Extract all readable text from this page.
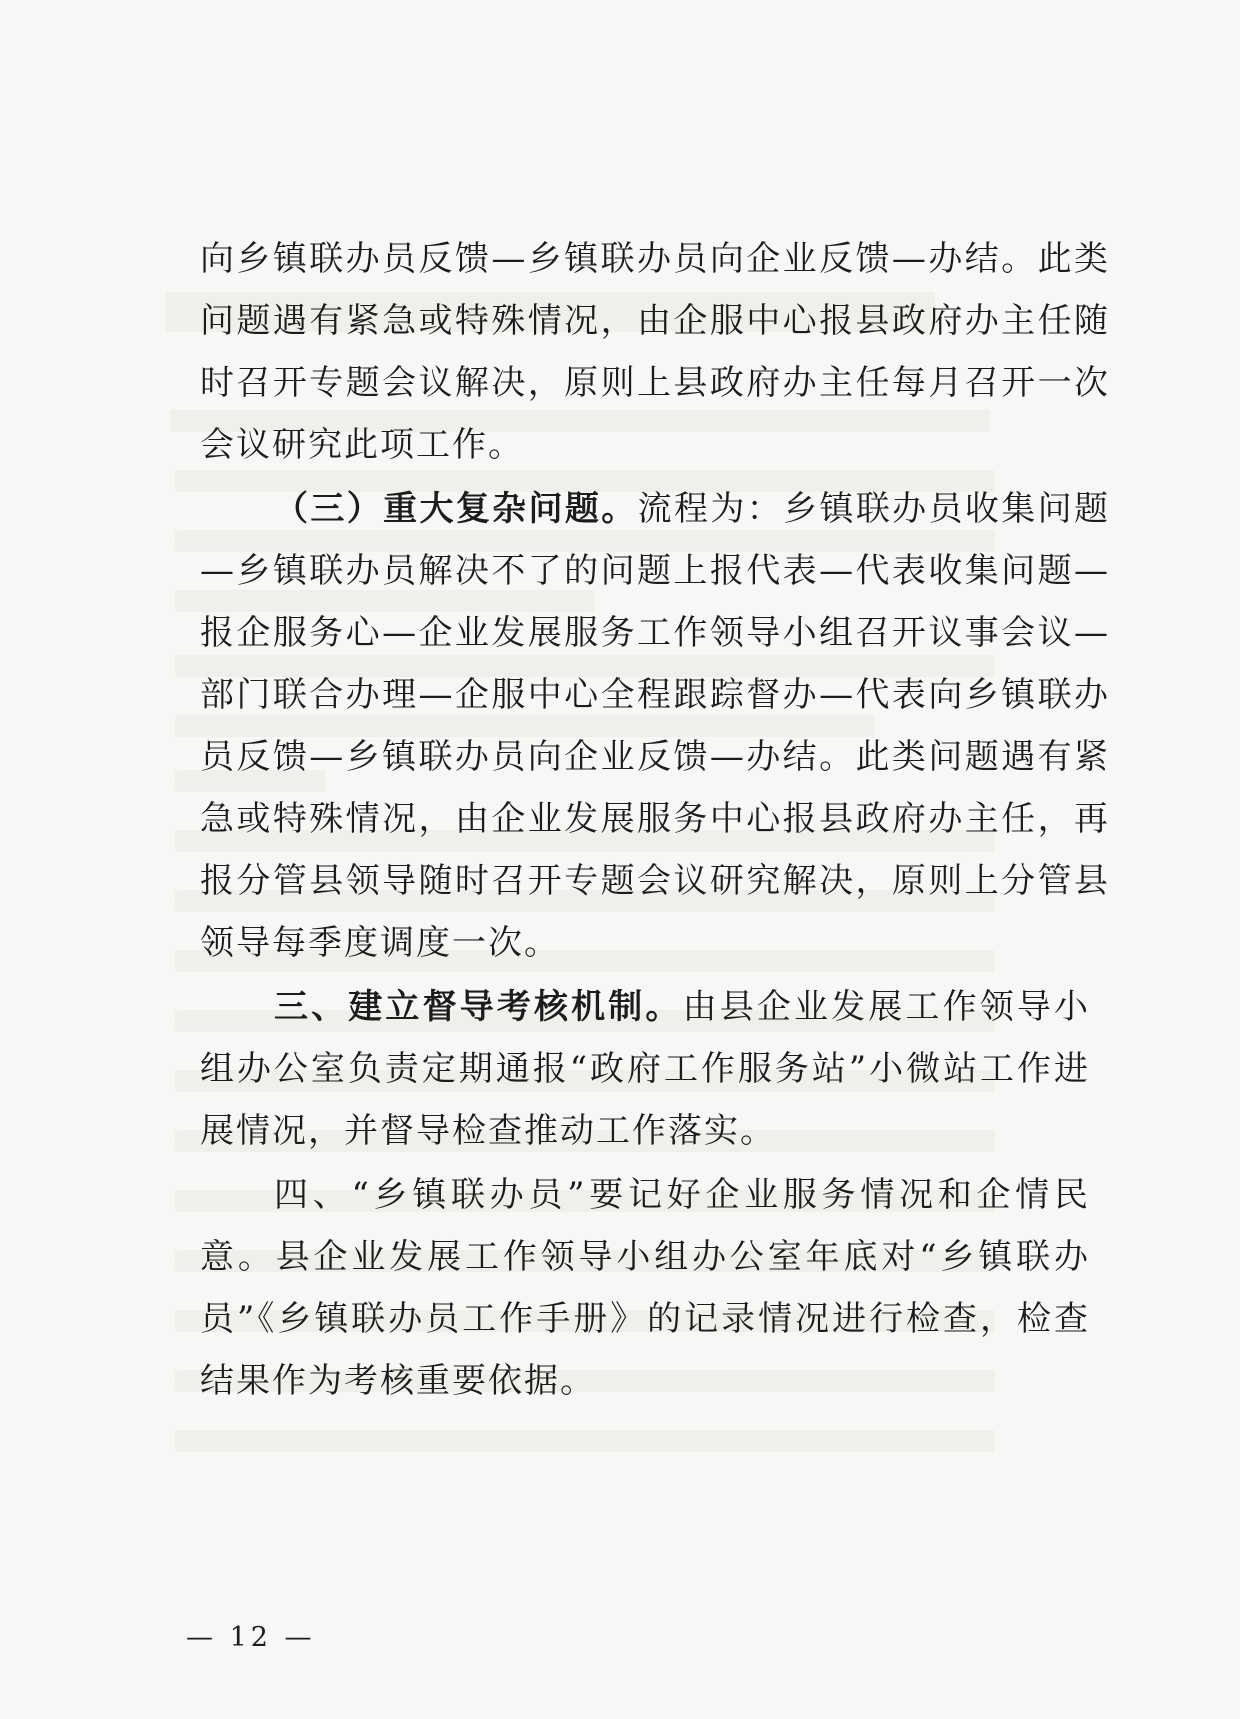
向乡镇联办员反馈—乡镇联办员向企业反馈—办结。此类问题遇有紧急或特殊情况，由企服中心报县政府办主任随时召开专题会议解决，原则上县政府办主任每月召开一次会议研究此项工作。

（三）重大复杂问题。流程为：乡镇联办员收集问题—乡镇联办员解决不了的问题上报代表—代表收集问题—报企服务心—企业发展服务工作领导小组召开议事会议—部门联合办理—企服中心全程跟踪督办—代表向乡镇联办员反馈—乡镇联办员向企业反馈—办结。此类问题遇有紧急或特殊情况，由企业发展服务中心报县政府办主任，再报分管县领导随时召开专题会议研究解决，原则上分管县领导每季度调度一次。

三、建立督导考核机制。由县企业发展工作领导小组办公室负责定期通报“政府工作服务站”小微站工作进展情况，并督导检查推动工作落实。

四、“乡镇联办员”要记好企业服务情况和企情民意。县企业发展工作领导小组办公室年底对“乡镇联办员”《乡镇联办员工作手册》的记录情况进行检查，检查结果作为考核重要依据。

— 12 —
